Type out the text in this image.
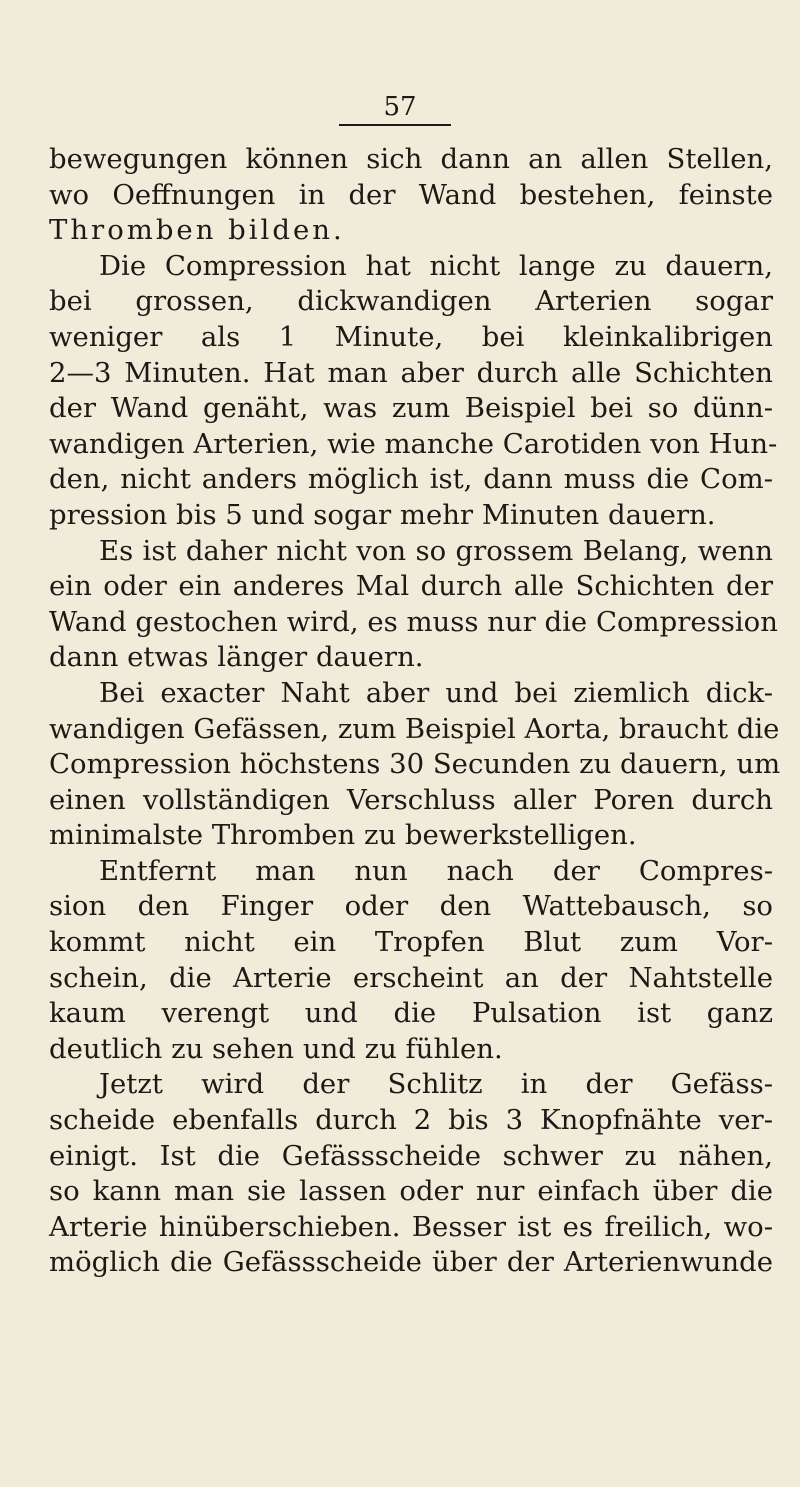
57
bewegungen können sich dann an allen Stellen,
wo Oeffnungen in der Wand bestehen, feinste
Thromben bilden.
Die Compression hat nicht lange zu dauern,
bei grossen, dickwandigen Arterien sogar
weniger als 1 Minute, bei kleinkalibrigen
2—3 Minuten. Hat man aber durch alle Schichten
der Wand genäht, was zum Beispiel bei so dünn-
wandigen Arterien, wie manche Carotiden von Hun-
den, nicht anders möglich ist, dann muss die Com-
pression bis 5 und sogar mehr Minuten dauern.
Es ist daher nicht von so grossem Belang, wenn
ein oder ein anderes Mal durch alle Schichten der
Wand gestochen wird, es muss nur die Compression
dann etwas länger dauern.
Bei exacter Naht aber und bei ziemlich dick-
wandigen Gefässen, zum Beispiel Aorta, braucht die
Compression höchstens 30 Secunden zu dauern, um
einen vollständigen Verschluss aller Poren durch
minimalste Thromben zu bewerkstelligen.
Entfernt man nun nach der Compres-
sion den Finger oder den Wattebausch, so
kommt nicht ein Tropfen Blut zum Vor-
schein, die Arterie erscheint an der Nahtstelle
kaum verengt und die Pulsation ist ganz
deutlich zu sehen und zu fühlen.
Jetzt wird der Schlitz in der Gefäss-
scheide ebenfalls durch 2 bis 3 Knopfnähte ver-
einigt. Ist die Gefässscheide schwer zu nähen,
so kann man sie lassen oder nur einfach über die
Arterie hinüberschieben. Besser ist es freilich, wo-
möglich die Gefässscheide über der Arterienwunde
